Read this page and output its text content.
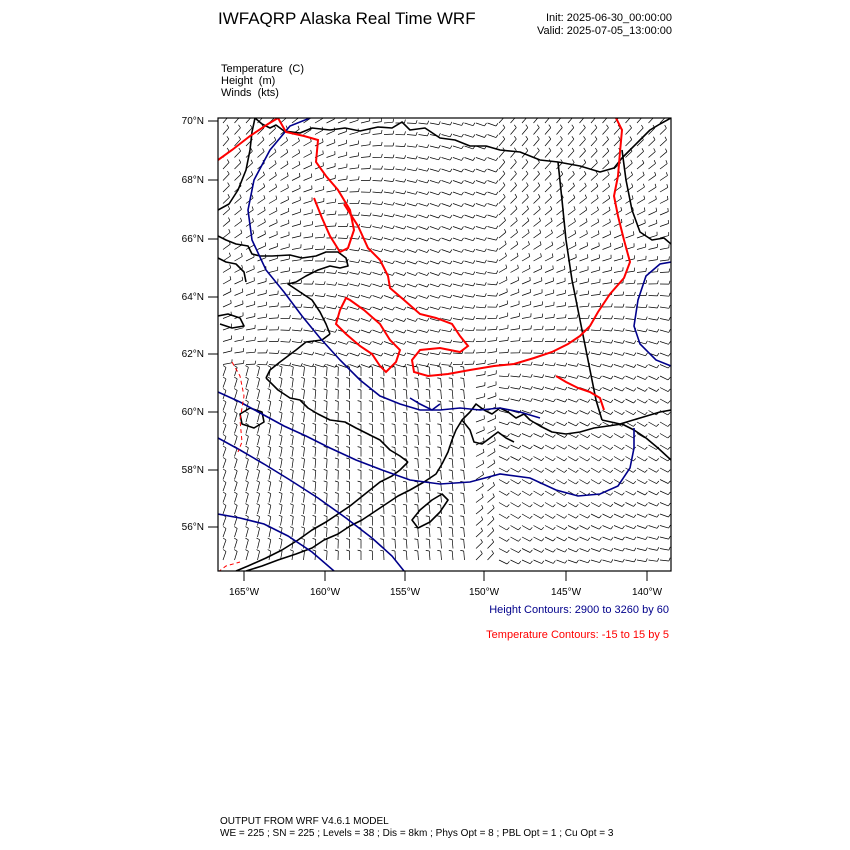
IWFAQRP Alaska Real Time WRF	Init: 2025-06-30_00:00:00
Valid: 2025-07-05_13:00:00
Temperature (C)
Height (m)
Winds (kts)
70°N
68°N
66°N
64°N
62°N
60°N
58°N
56°N
165°W	160°W	155°W	150°W	145°W	140°W
Height Contours: 2900 to 3260 by 60
Temperature Contours: -15 to 15 by 5
OUTPUT FROM WRF V4.6.1 MODEL
WE = 225 ; SN = 225 ; Levels = 38 ; Dis = 8km ; Phys Opt = 8 ; PBL Opt = 1 ; Cu Opt = 3
